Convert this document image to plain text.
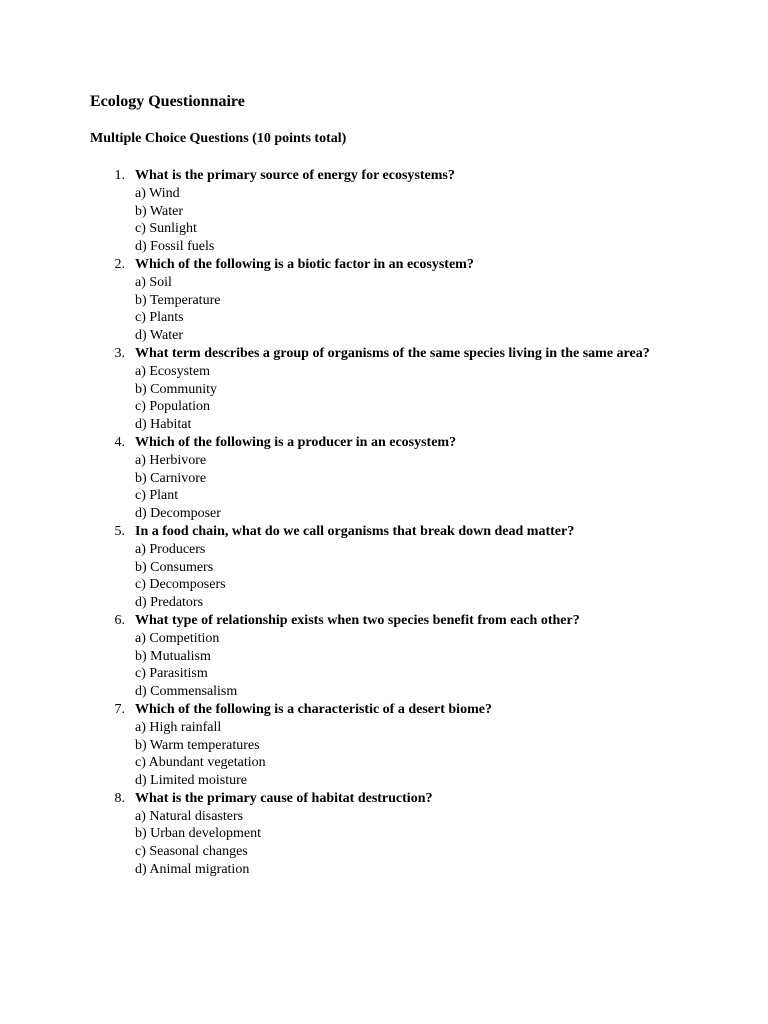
Ecology Questionnaire
Multiple Choice Questions (10 points total)
1. What is the primary source of energy for ecosystems?
a) Wind
b) Water
c) Sunlight
d) Fossil fuels
2. Which of the following is a biotic factor in an ecosystem?
a) Soil
b) Temperature
c) Plants
d) Water
3. What term describes a group of organisms of the same species living in the same area?
a) Ecosystem
b) Community
c) Population
d) Habitat
4. Which of the following is a producer in an ecosystem?
a) Herbivore
b) Carnivore
c) Plant
d) Decomposer
5. In a food chain, what do we call organisms that break down dead matter?
a) Producers
b) Consumers
c) Decomposers
d) Predators
6. What type of relationship exists when two species benefit from each other?
a) Competition
b) Mutualism
c) Parasitism
d) Commensalism
7. Which of the following is a characteristic of a desert biome?
a) High rainfall
b) Warm temperatures
c) Abundant vegetation
d) Limited moisture
8. What is the primary cause of habitat destruction?
a) Natural disasters
b) Urban development
c) Seasonal changes
d) Animal migration
